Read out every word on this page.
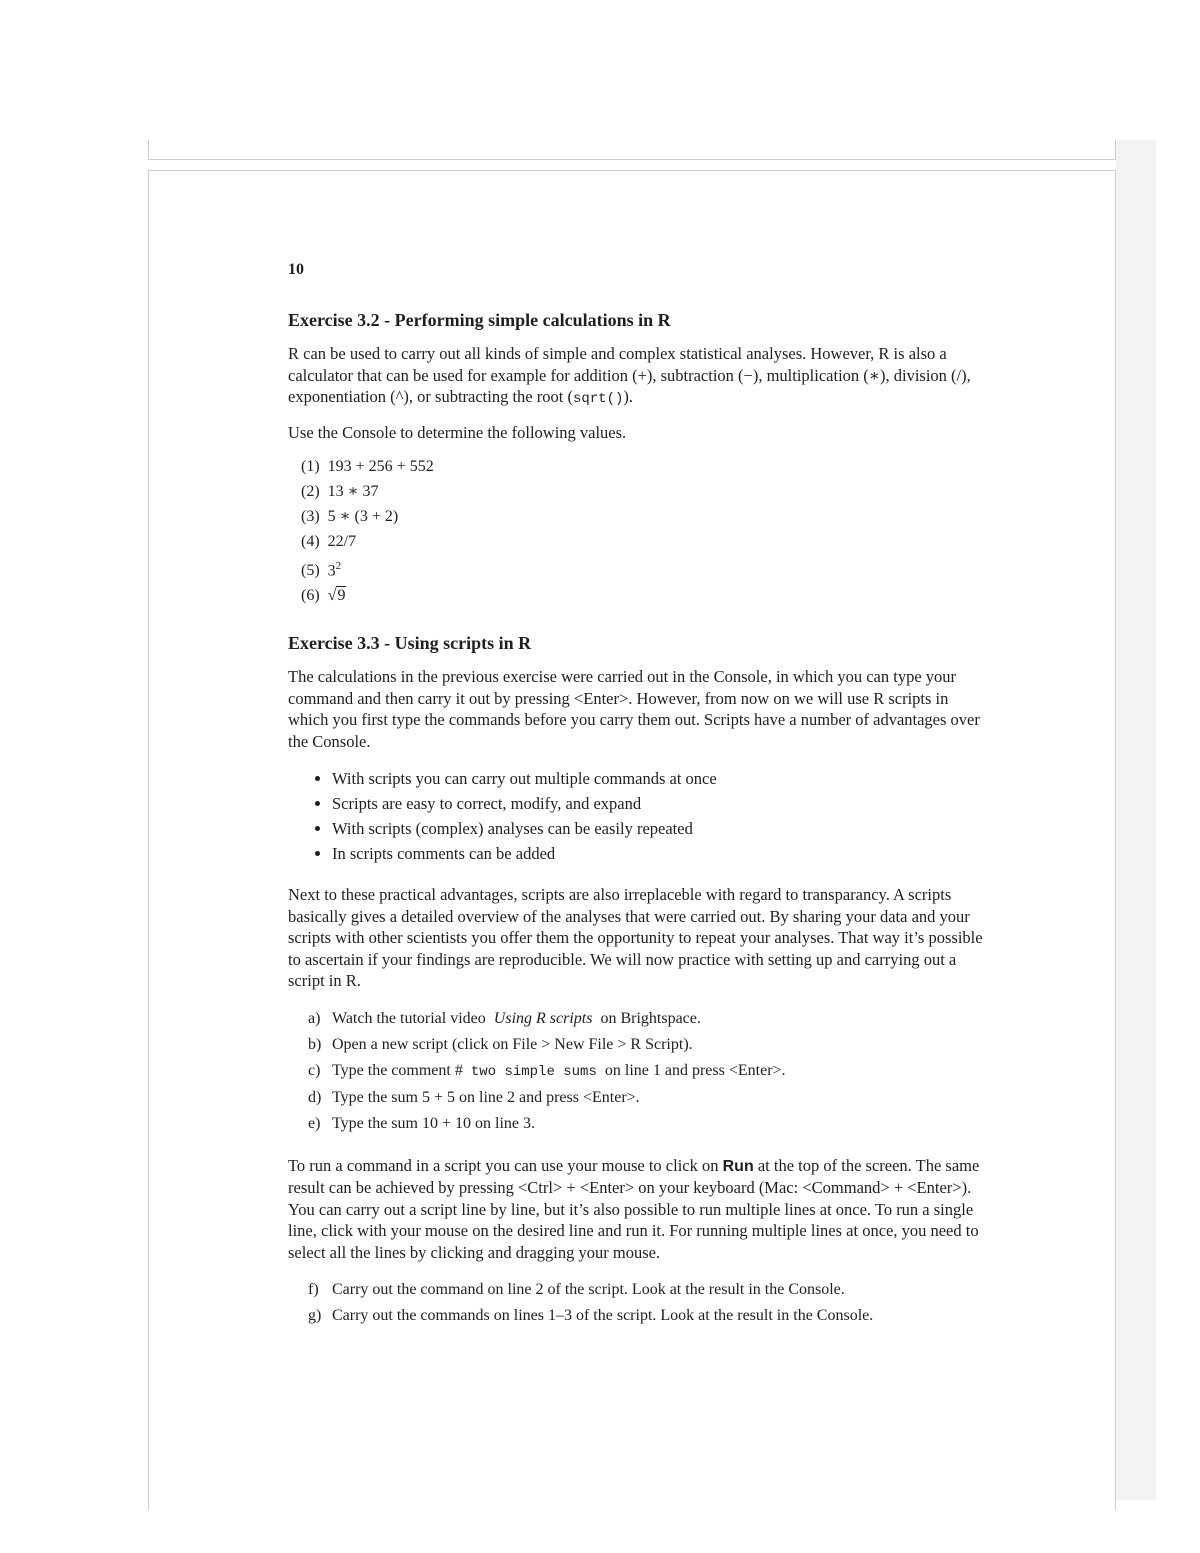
10
Exercise 3.2 - Performing simple calculations in R

R can be used to carry out all kinds of simple and complex statistical analyses. However, R is also a calculator that can be used for example for addition (+), subtraction (−), multiplication (∗), division (/), exponentiation (^), or subtracting the root (sqrt()).

Use the Console to determine the following values.

(1) 193 + 256 + 552
(2) 13 ∗ 37
(3) 5 ∗ (3 + 2)
(4) 22/7
(5) $3^2$
(6) √9
Exercise 3.3 - Using scripts in R

The calculations in the previous exercise were carried out in the Console, in which you can type your command and then carry it out by pressing <Enter>. However, from now on we will use R scripts in which you first type the commands before you carry them out. Scripts have a number of advantages over the Console.

• With scripts you can carry out multiple commands at once
• Scripts are easy to correct, modify, and expand
• With scripts (complex) analyses can be easily repeated
• In scripts comments can be added

Next to these practical advantages, scripts are also irreplaceble with regard to transparancy. A scripts basically gives a detailed overview of the analyses that were carried out. By sharing your data and your scripts with other scientists you offer them the opportunity to repeat your analyses. That way it’s possible to ascertain if your findings are reproducible. We will now practice with setting up and carrying out a script in R.

a) Watch the tutorial video  Using R scripts  on Brightspace.
b) Open a new script (click on File > New File > R Script).
c) Type the comment #  two simple sums  on line 1 and press <Enter>.
d) Type the sum 5 + 5 on line 2 and press <Enter>.
e) Type the sum 10 + 10 on line 3.

To run a command in a script you can use your mouse to click on Run at the top of the screen. The same result can be achieved by pressing <Ctrl> + <Enter> on your keyboard (Mac: <Command> + <Enter>). You can carry out a script line by line, but it’s also possible to run multiple lines at once. To run a single line, click with your mouse on the desired line and run it. For running multiple lines at once, you need to select all the lines by clicking and dragging your mouse.

f) Carry out the command on line 2 of the script. Look at the result in the Console.
g) Carry out the commands on lines 1–3 of the script. Look at the result in the Console.
